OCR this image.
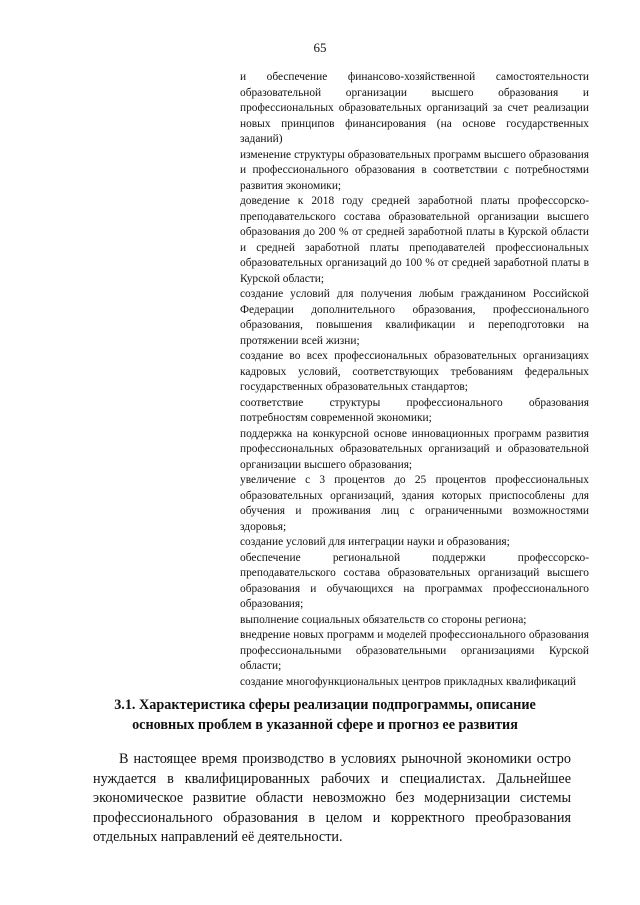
65

и обеспечение финансово-хозяйственной самостоятельности образовательной организации высшего образования и профессиональных образовательных организаций за счет реализации новых принципов финансирования (на основе государственных заданий)

изменение структуры образовательных программ высшего образования и профессионального образования в соответствии с потребностями развития экономики;

доведение к 2018 году средней заработной платы профессорско-преподавательского состава образовательной организации высшего образования до 200 % от средней заработной платы в Курской области и средней заработной платы преподавателей профессиональных образовательных организаций до 100 % от средней заработной платы в Курской области;

создание условий для получения любым гражданином Российской Федерации дополнительного образования, профессионального образования, повышения квалификации и переподготовки на протяжении всей жизни;

создание во всех профессиональных образовательных организациях кадровых условий, соответствующих требованиям федеральных государственных образовательных стандартов;

соответствие структуры профессионального образования потребностям современной экономики;

поддержка на конкурсной основе инновационных программ развития профессиональных образовательных организаций и образовательной организации высшего образования;

увеличение с 3 процентов до 25 процентов профессиональных образовательных организаций, здания которых приспособлены для обучения и проживания лиц с ограниченными возможностями здоровья;

создание условий для интеграции науки и образования;

обеспечение региональной поддержки профессорско-преподавательского состава образовательных организаций высшего образования и обучающихся на программах профессионального образования;

выполнение социальных обязательств со стороны региона;

внедрение новых программ и моделей профессионального образования профессиональными образовательными организациями Курской области;

создание многофункциональных центров прикладных квалификаций

3.1. Характеристика сферы реализации подпрограммы, описание основных проблем в указанной сфере и прогноз ее развития

В настоящее время производство в условиях рыночной экономики остро нуждается в квалифицированных рабочих и специалистах. Дальнейшее экономическое развитие области невозможно без модернизации системы профессионального образования в целом и корректного преобразования отдельных направлений её деятельности.
